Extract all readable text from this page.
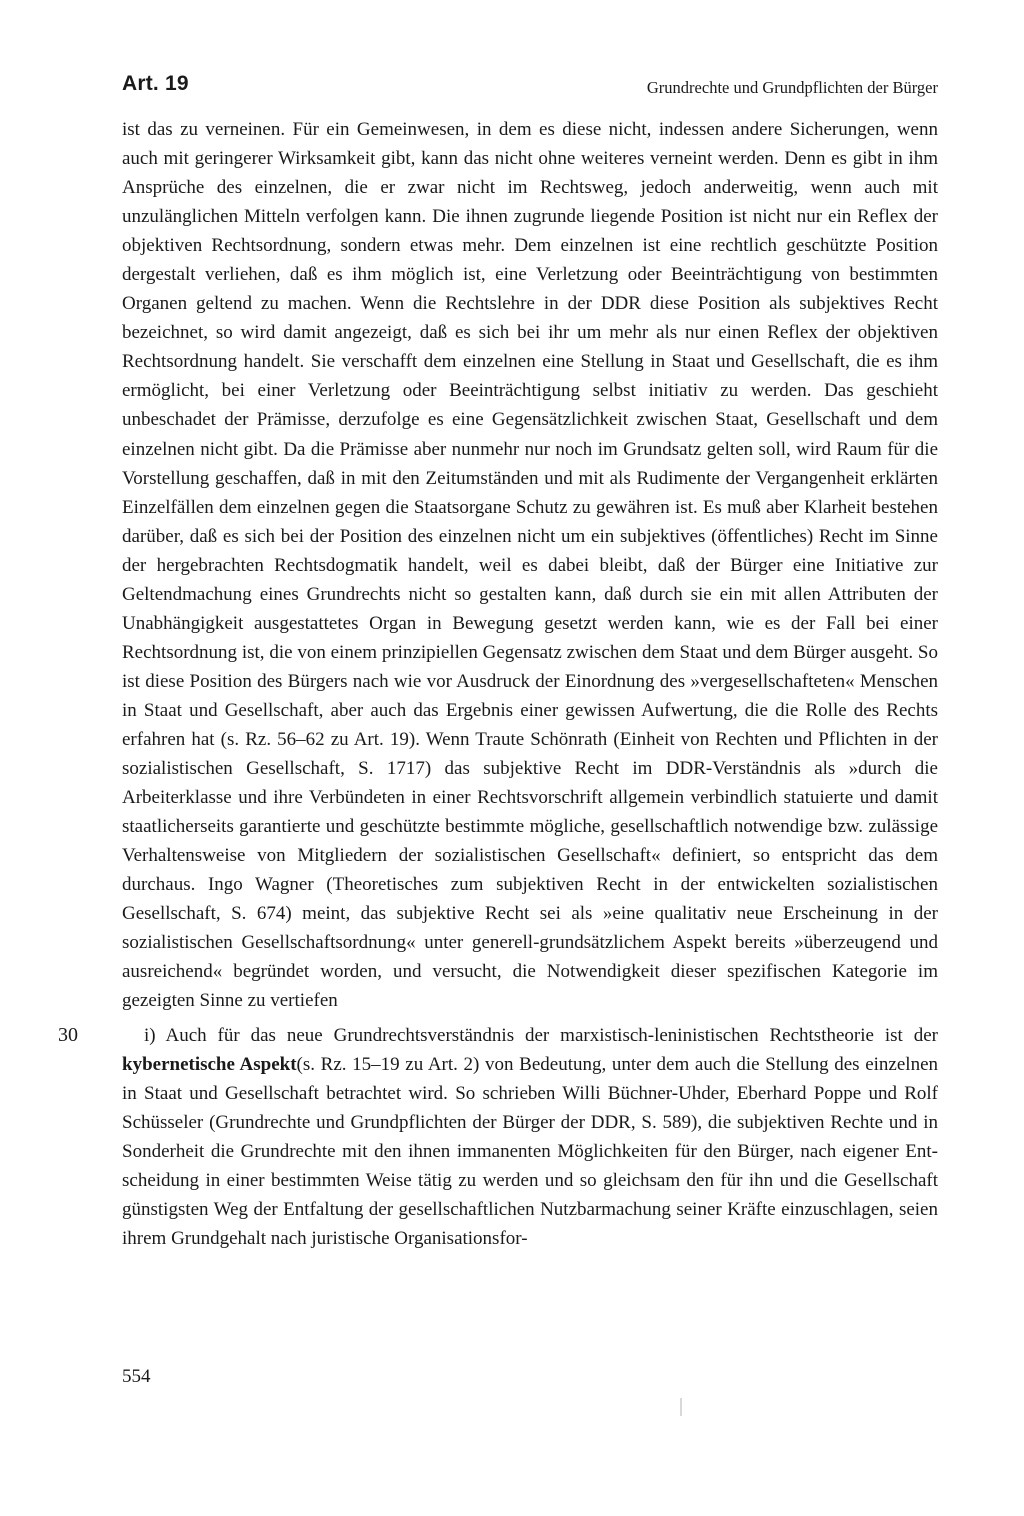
Art. 19	Grundrechte und Grundpflichten der Bürger
ist das zu verneinen. Für ein Gemeinwesen, in dem es diese nicht, indessen andere Sicherungen, wenn auch mit geringerer Wirksamkeit gibt, kann das nicht ohne weiteres verneint werden. Denn es gibt in ihm Ansprüche des einzelnen, die er zwar nicht im Rechtsweg, jedoch anderweitig, wenn auch mit unzulänglichen Mitteln verfolgen kann. Die ihnen zugrunde liegende Position ist nicht nur ein Reflex der objektiven Rechtsordnung, sondern etwas mehr. Dem einzelnen ist eine rechtlich geschützte Position dergestalt verliehen, daß es ihm möglich ist, eine Verletzung oder Beeinträchtigung von bestimmten Organen geltend zu machen. Wenn die Rechtslehre in der DDR diese Position als subjektives Recht bezeichnet, so wird damit angezeigt, daß es sich bei ihr um mehr als nur einen Reflex der objektiven Rechtsordnung handelt. Sie verschafft dem einzelnen eine Stellung in Staat und Gesellschaft, die es ihm ermöglicht, bei einer Verletzung oder Beeinträchtigung selbst initiativ zu werden. Das geschieht unbeschadet der Prämisse, derzufolge es eine Gegensätzlichkeit zwischen Staat, Gesellschaft und dem einzelnen nicht gibt. Da die Prämisse aber nunmehr nur noch im Grundsatz gelten soll, wird Raum für die Vorstellung geschaffen, daß in mit den Zeitumständen und mit als Rudimente der Vergangenheit erklärten Einzelfällen dem einzelnen gegen die Staatsorgane Schutz zu gewähren ist. Es muß aber Klarheit bestehen darüber, daß es sich bei der Position des einzelnen nicht um ein subjektives (öffentliches) Recht im Sinne der hergebrachten Rechtsdogmatik handelt, weil es dabei bleibt, daß der Bürger eine Initiative zur Geltendmachung eines Grundrechts nicht so gestalten kann, daß durch sie ein mit allen Attributen der Unabhängigkeit ausgestattetes Organ in Bewegung gesetzt werden kann, wie es der Fall bei einer Rechtsordnung ist, die von einem prinzipiellen Gegensatz zwischen dem Staat und dem Bürger ausgeht. So ist diese Position des Bürgers nach wie vor Ausdruck der Einordnung des »vergesellschafteten« Menschen in Staat und Gesellschaft, aber auch das Ergebnis einer gewissen Aufwertung, die die Rolle des Rechts erfahren hat (s. Rz. 56–62 zu Art. 19). Wenn Traute Schönrath (Einheit von Rechten und Pflichten in der sozialistischen Gesellschaft, S. 1717) das subjektive Recht im DDR-Verständnis als »durch die Arbeiterklasse und ihre Verbündeten in einer Rechtsvorschrift allgemein verbindlich statuierte und damit staatlicherseits garantierte und geschützte bestimmte mögliche, gesellschaftlich notwendige bzw. zulässige Verhaltensweise von Mitgliedern der sozialistischen Gesellschaft« definiert, so entspricht das dem durchaus. Ingo Wagner (Theoretisches zum subjektiven Recht in der entwickelten sozialistischen Gesellschaft, S. 674) meint, das subjektive Recht sei als »eine qualitativ neue Erscheinung in der sozialistischen Gesellschaftsordnung« unter generell-grundsätzlichem Aspekt bereits »überzeugend und ausreichend« begründet worden, und versucht, die Notwendigkeit dieser spezifischen Kategorie im gezeigten Sinne zu vertiefen
30	i) Auch für das neue Grundrechtsverständnis der marxistisch-leninistischen Rechtstheorie ist der kybernetische Aspekt(s. Rz. 15–19 zu Art. 2) von Bedeutung, unter dem auch die Stellung des einzelnen in Staat und Gesellschaft betrachtet wird. So schrieben Willi Büchner-Uhder, Eberhard Poppe und Rolf Schüsseler (Grundrechte und Grundpflichten der Bürger der DDR, S. 589), die subjektiven Rechte und in Sonderheit die Grundrechte mit den ihnen immanenten Möglichkeiten für den Bürger, nach eigener Entscheidung in einer bestimmten Weise tätig zu werden und so gleichsam den für ihn und die Gesellschaft günstigsten Weg der Entfaltung der gesellschaftlichen Nutzbarmachung seiner Kräfte einzuschlagen, seien ihrem Grundgehalt nach juristische Organisationsfor-
554
